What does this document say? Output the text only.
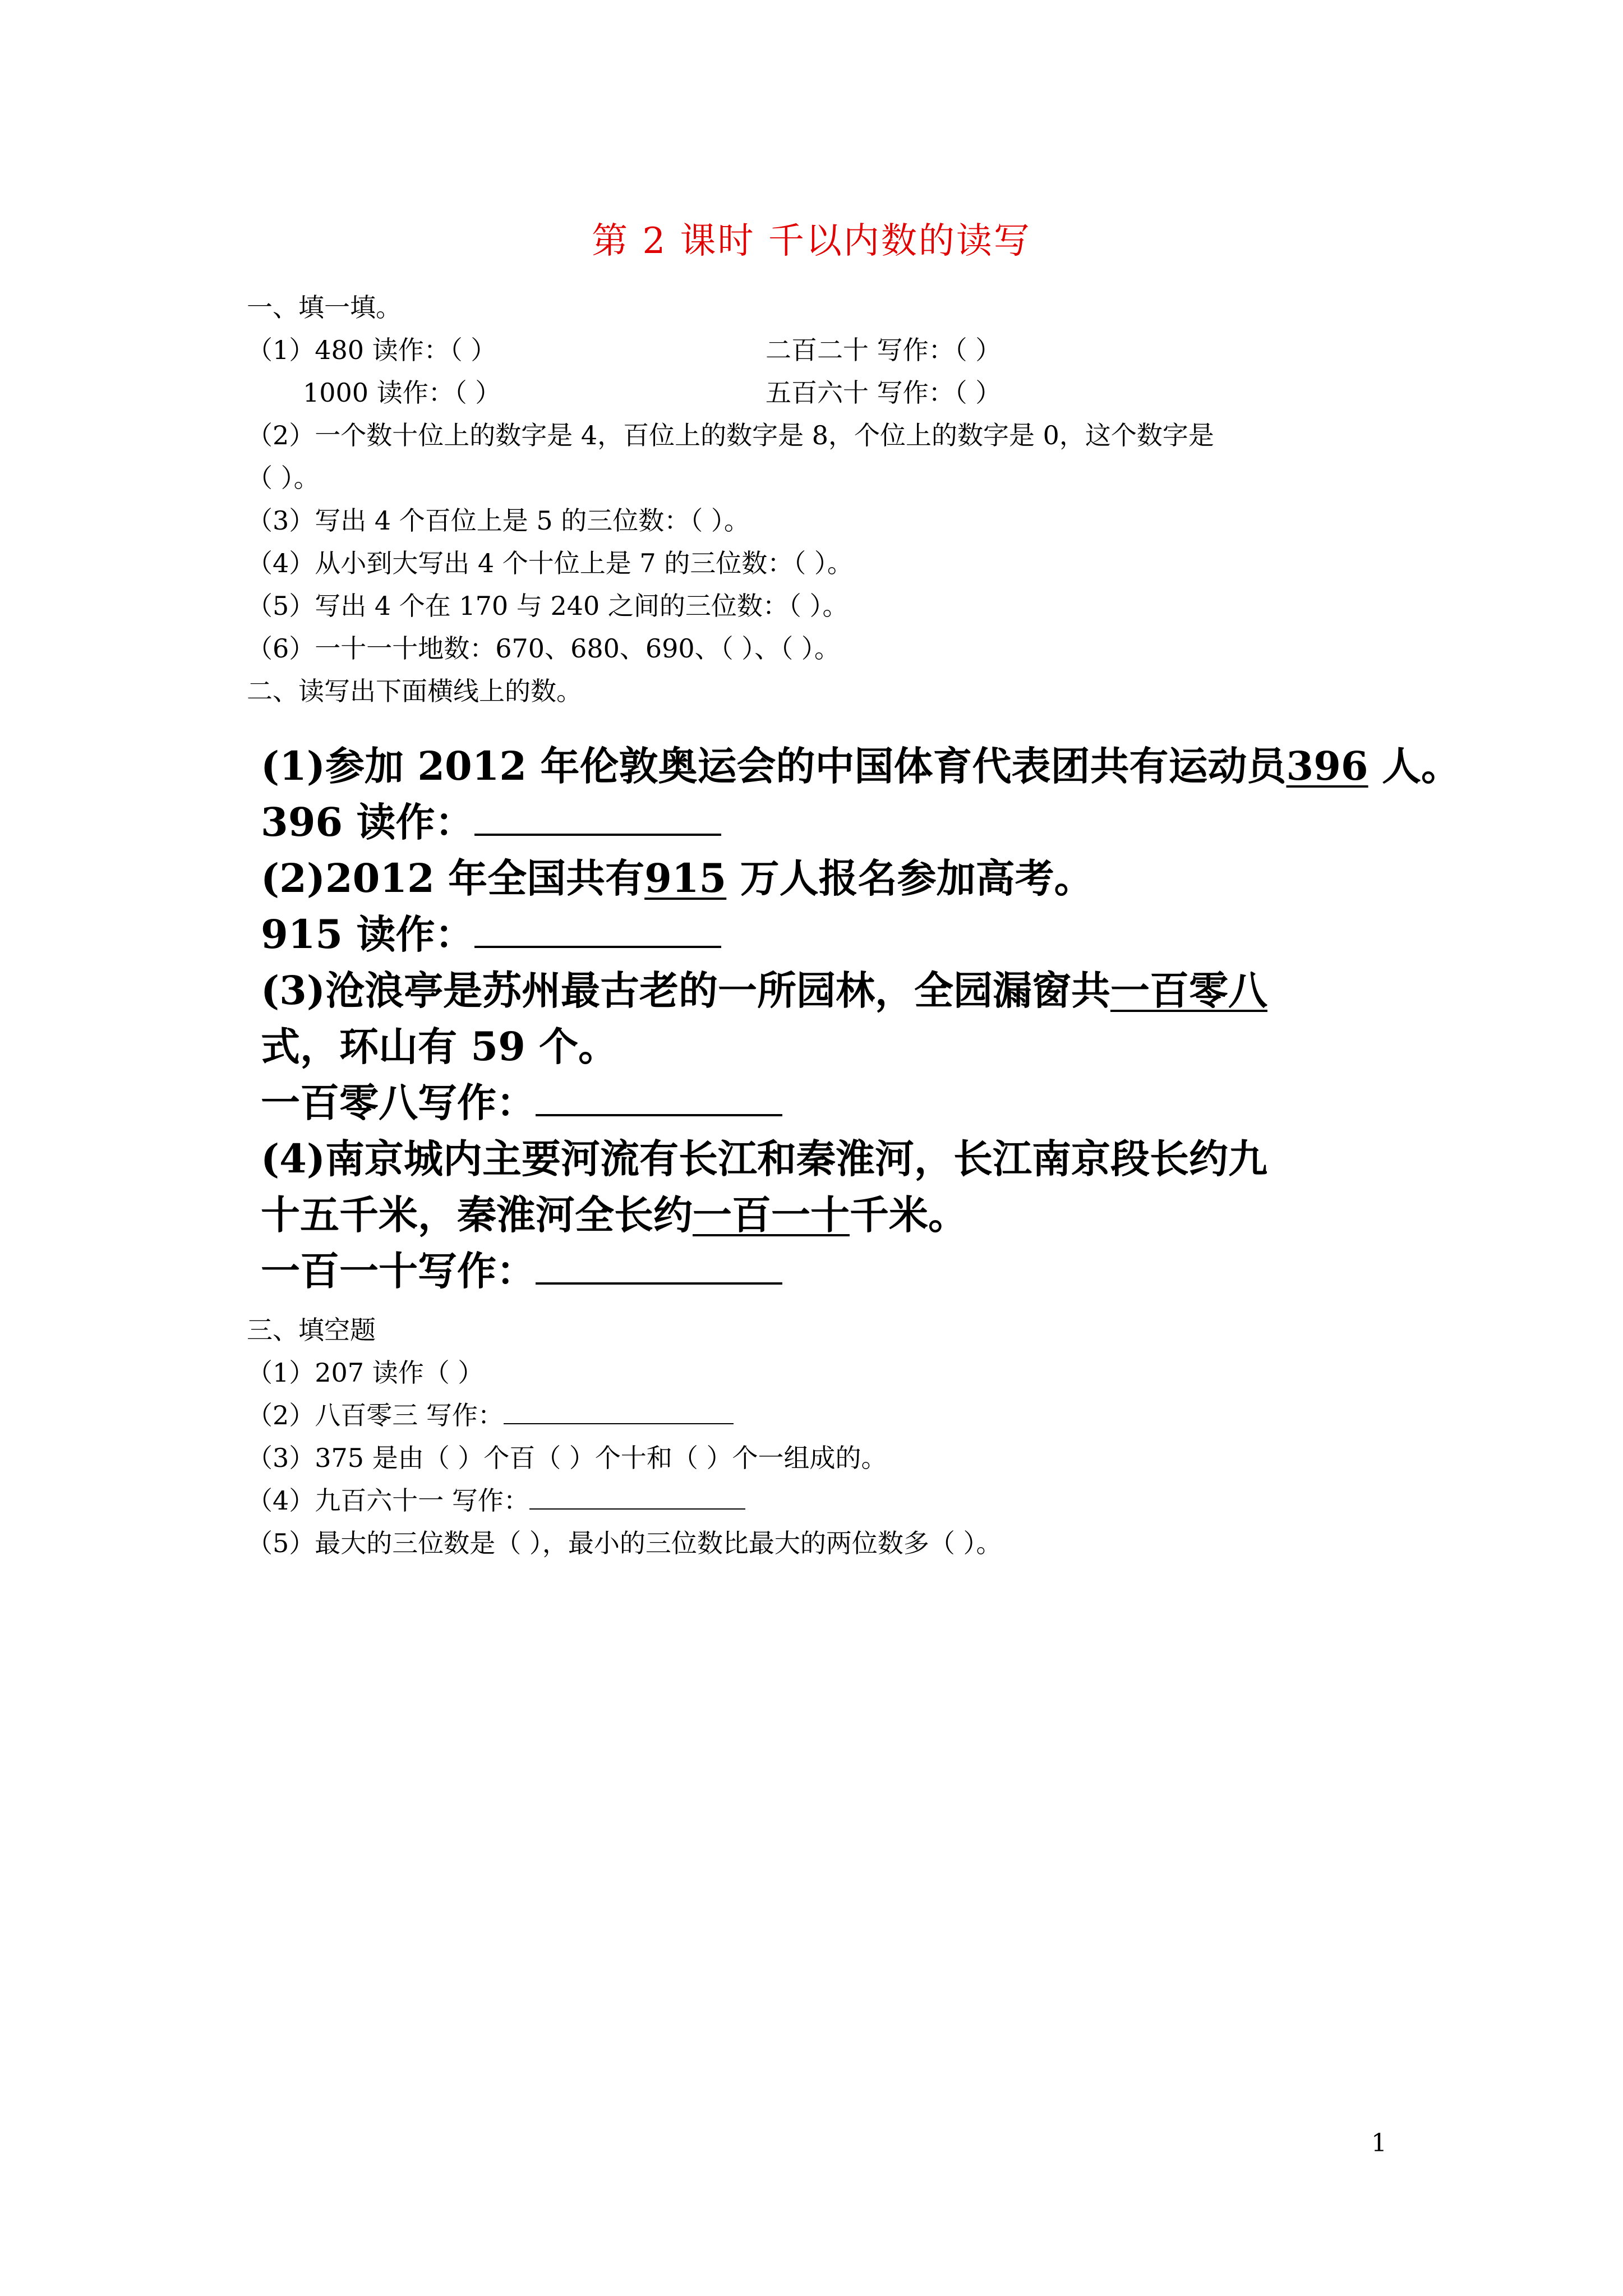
第 2 课时 千以内数的读写
一、填一填。
（1）480 读作：（ ）	二百二十 写作：（ ）
1000 读作：（ ）	五百六十 写作：（ ）
（2）一个数十位上的数字是 4，百位上的数字是 8，个位上的数字是 0，这个数字是
（ ）。
（3）写出 4 个百位上是 5 的三位数：（ ）。
（4）从小到大写出 4 个十位上是 7 的三位数：（ ）。
（5）写出 4 个在 170 与 240 之间的三位数：（ ）。
（6）一十一十地数：670、680、690、（ ）、（ ）。
二、读写出下面横线上的数。
(1)参加 2012 年伦敦奥运会的中国体育代表团共有运动员396 人。
396 读作：
(2)2012 年全国共有915 万人报名参加高考。
915 读作：
(3)沧浪亭是苏州最古老的一所园林，全园漏窗共一百零八
式，环山有 59 个。
一百零八写作：
(4)南京城内主要河流有长江和秦淮河，长江南京段长约九
十五千米，秦淮河全长约一百一十千米。
一百一十写作：
三、填空题
（1）207 读作（ ）
（2）八百零三 写作：
（3）375 是由（ ）个百（ ）个十和（ ）个一组成的。
（4）九百六十一 写作：
（5）最大的三位数是（ ），最小的三位数比最大的两位数多（ ）。
1
